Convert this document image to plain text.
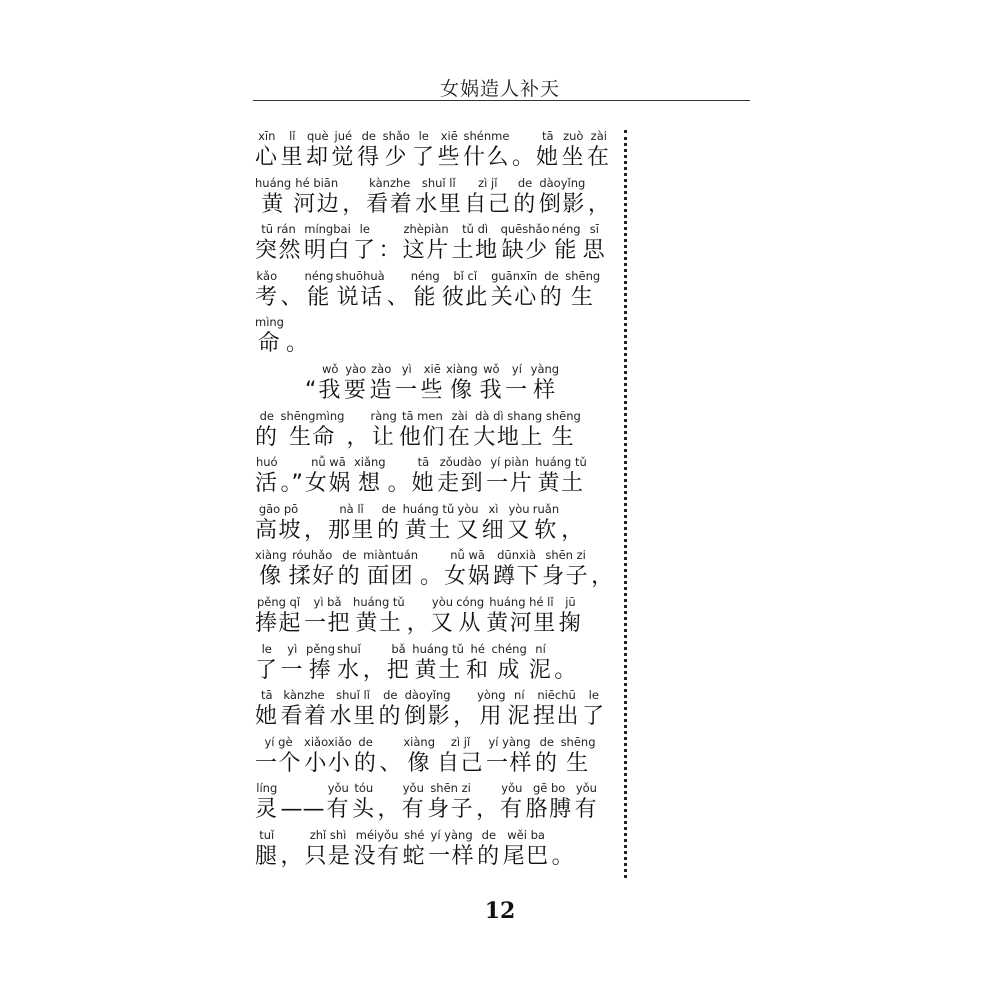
女娲造人补天
xīn
心
lǐ
里
què
却
jué
觉
de
得
shǎo
少
le
了
xiē
些
shénme
什么 。
tā
她
zuò
坐
zài
在
huáng
黄
hé biān
河边 ，
kànzhe
看着
shuǐ lǐ
水里
zì jǐ
自己
de
的
dàoyǐng
倒影 ，
tū rán
突然
míngbai
明白
le
了 ：
zhèpiàn
这片
tǔ dì
土地
quēshǎo
缺少
néng
能
sī
思
kǎo
考 、
néng
能
shuōhuà
说话 、
néng
能
bǐ cǐ
彼此
guānxīn
关心
de
的
shēng
生
mìng
命 。
“
wǒ
我
yào
要
zào
造
yì
一
xiē
些
xiàng
像
wǒ
我
yí
一
yàng
样
de
的
shēngmìng
生命 ，
ràng
让
tā men
他们
zài
在
dà dì shang
大地上
shēng
生
huó
活 。”
nǚ wā
女娲
xiǎng
想 。
tā
她
zǒudào
走到
yí piàn
一片
huáng tǔ
黄土
gāo pō
高坡 ，
nà lǐ
那里
de
的
huáng tǔ
黄土
yòu
又
xì
细
yòu
又
ruǎn
软 ，
xiàng
像
róuhǎo
揉好
de
的
miàntuán
面团 。
nǚ wā
女娲
dūnxià
蹲下
shēn zi
身子 ，
pěng qǐ
捧起
yì bǎ
一把
huáng tǔ
黄土 ，
yòu
又
cóng
从
huáng hé lǐ
黄河里
jū
掬
le
了
yì
一
pěng
捧
shuǐ
水 ，
bǎ
把
huáng tǔ
黄土
hé
和
chéng
成
ní
泥 。
tā
她
kànzhe
看着
shuǐ lǐ
水里
de
的
dàoyǐng
倒影 ，
yòng
用
ní
泥
niēchū
捏出
le
了
yí gè
一个
xiǎoxiǎo
小小
de
的 、
xiàng
像
zì jǐ
自己
yí yàng
一样
de
的
shēng
生
líng
灵 ——
yǒu
有
tóu
头 ，
yǒu
有
shēn zi
身子 ，
yǒu
有
gē bo
胳膊
yǒu
有
tuǐ
腿 ，
zhǐ shì
只是
méiyǒu
没有
shé
蛇
yí yàng
一样
de
的
wěi ba
尾巴 。
12
